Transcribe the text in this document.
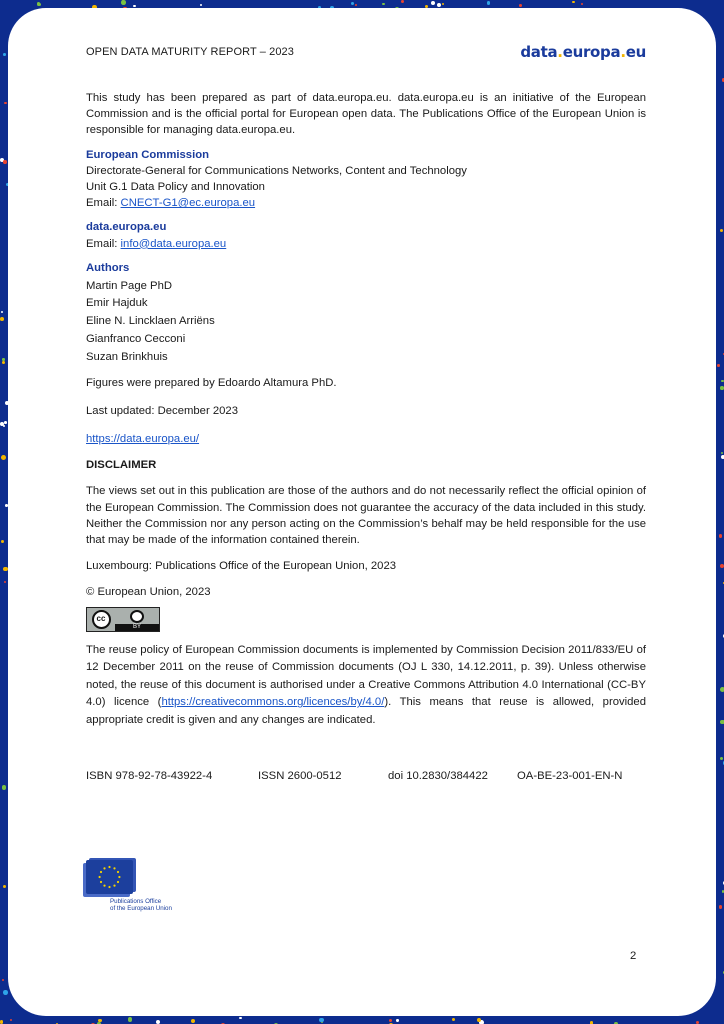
OPEN DATA MATURITY REPORT – 2023	data.europa.eu

This study has been prepared as part of data.europa.eu. data.europa.eu is an initiative of the European Commission and is the official portal for European open data. The Publications Office of the European Union is responsible for managing data.europa.eu.

European Commission
Directorate-General for Communications Networks, Content and Technology
Unit G.1 Data Policy and Innovation
Email: CNECT-G1@ec.europa.eu
data.europa.eu
Email: info@data.europa.eu
Authors
Martin Page PhD
Emir Hajduk
Eline N. Lincklaen Arriëns
Gianfranco Cecconi
Suzan Brinkhuis

Figures were prepared by Edoardo Altamura PhD.

Last updated: December 2023

https://data.europa.eu/

DISCLAIMER

The views set out in this publication are those of the authors and do not necessarily reflect the official opinion of the European Commission. The Commission does not guarantee the accuracy of the data included in this study. Neither the Commission nor any person acting on the Commission’s behalf may be held responsible for the use that may be made of the information contained therein.

Luxembourg: Publications Office of the European Union, 2023

© European Union, 2023

cc
BY

The reuse policy of European Commission documents is implemented by Commission Decision 2011/833/EU of 12 December 2011 on the reuse of Commission documents (OJ L 330, 14.12.2011, p. 39). Unless otherwise noted, the reuse of this document is authorised under a Creative Commons Attribution 4.0 International (CC-BY 4.0) licence (https://creativecommons.org/licences/by/4.0/). This means that reuse is allowed, provided appropriate credit is given and any changes are indicated.

ISBN 978-92-78-43922-4	ISSN 2600-0512	doi 10.2830/384422	OA-BE-23-001-EN-N
Publications Office
of the European Union
2
